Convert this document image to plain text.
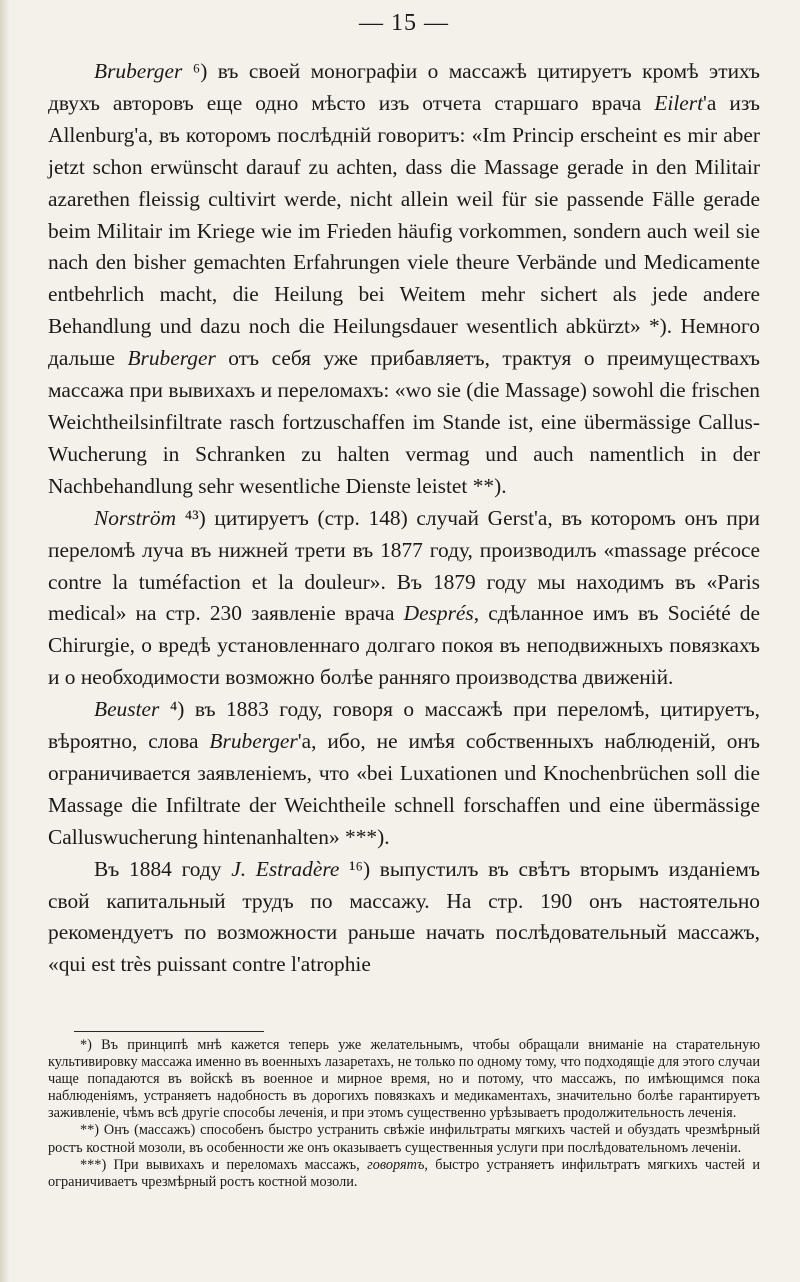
— 15 —

Bruberger ⁶) въ своей монографіи о массажѣ цитируетъ кромѣ этихъ двухъ авторовъ еще одно мѣсто изъ отчета старшаго врача Eilert'а изъ Allenburg'а, въ которомъ послѣдній говоритъ: «Im Princip erscheint es mir aber jetzt schon erwünscht darauf zu achten, dass die Massage gerade in den Militair azarethen fleissig cultivirt werde, nicht allein weil für sie passende Fälle gerade beim Militair im Kriege wie im Frieden häufig vorkommen, sondern auch weil sie nach den bisher gemachten Erfahrungen viele theure Verbände und Medicamente entbehrlich macht, die Heilung bei Weitem mehr sichert als jede andere Behandlung und dazu noch die Heilungsdauer wesentlich abkürzt» *). Немного дальше Bruberger отъ себя уже прибавляетъ, трактуя о преимуществахъ массажа при вывихахъ и переломахъ: «wo sie (die Massage) sowohl die frischen Weichtheilsinfiltrate rasch fortzuschaffen im Stande ist, eine übermässige Callus-Wucherung in Schranken zu halten vermag und auch namentlich in der Nachbehandlung sehr wesentliche Dienste leistet **).

Norström ⁴³) цитируетъ (стр. 148) случай Gerst'а, въ которомъ онъ при переломѣ луча въ нижней трети въ 1877 году, производилъ «massage précoce contre la tuméfaction et la douleur». Въ 1879 году мы находимъ въ «Paris medical» на стр. 230 заявленіе врача Després, сдѣланное имъ въ Société de Chirurgie, о вредѣ установленнаго долгаго покоя въ неподвижныхъ повязкахъ и о необходимости возможно болѣе ранняго производства движеній.

Beuster ⁴) въ 1883 году, говоря о массажѣ при переломѣ, цитируетъ, вѣроятно, слова Bruberger'а, ибо, не имѣя собственныхъ наблюденій, онъ ограничивается заявленіемъ, что «bei Luxationen und Knochenbrüchen soll die Massage die Infiltrate der Weichtheile schnell forschaffen und eine übermässige Calluswucherung hintenanhalten» ***).

Въ 1884 году J. Estradère ¹⁶) выпустилъ въ свѣтъ вторымъ изданіемъ свой капитальный трудъ по массажу. На стр. 190 онъ настоятельно рекомендуетъ по возможности раньше начать послѣдовательный массажъ, «qui est très puissant contre l'atrophie

*) Въ принципѣ мнѣ кажется теперь уже желательнымъ, чтобы обращали вниманіе на старательную культивировку массажа именно въ военныхъ лазаретахъ, не только по одному тому, что подходящіе для этого случаи чаще попадаются въ войскѣ въ военное и мирное время, но и потому, что массажъ, по имѣющимся пока наблюденіямъ, устраняетъ надобность въ дорогихъ повязкахъ и медикаментахъ, значительно болѣе гарантируетъ заживленіе, чѣмъ всѣ другіе способы леченія, и при этомъ существенно урѣзываетъ продолжительность леченія.

**) Онъ (массажъ) способенъ быстро устранить свѣжіе инфильтраты мягкихъ частей и обуздать чрезмѣрный ростъ костной мозоли, въ особенности же онъ оказываетъ существенныя услуги при послѣдовательномъ леченіи.

***) При вывихахъ и переломахъ массажъ, говорятъ, быстро устраняетъ инфильтратъ мягкихъ частей и ограничиваетъ чрезмѣрный ростъ костной мозоли.
